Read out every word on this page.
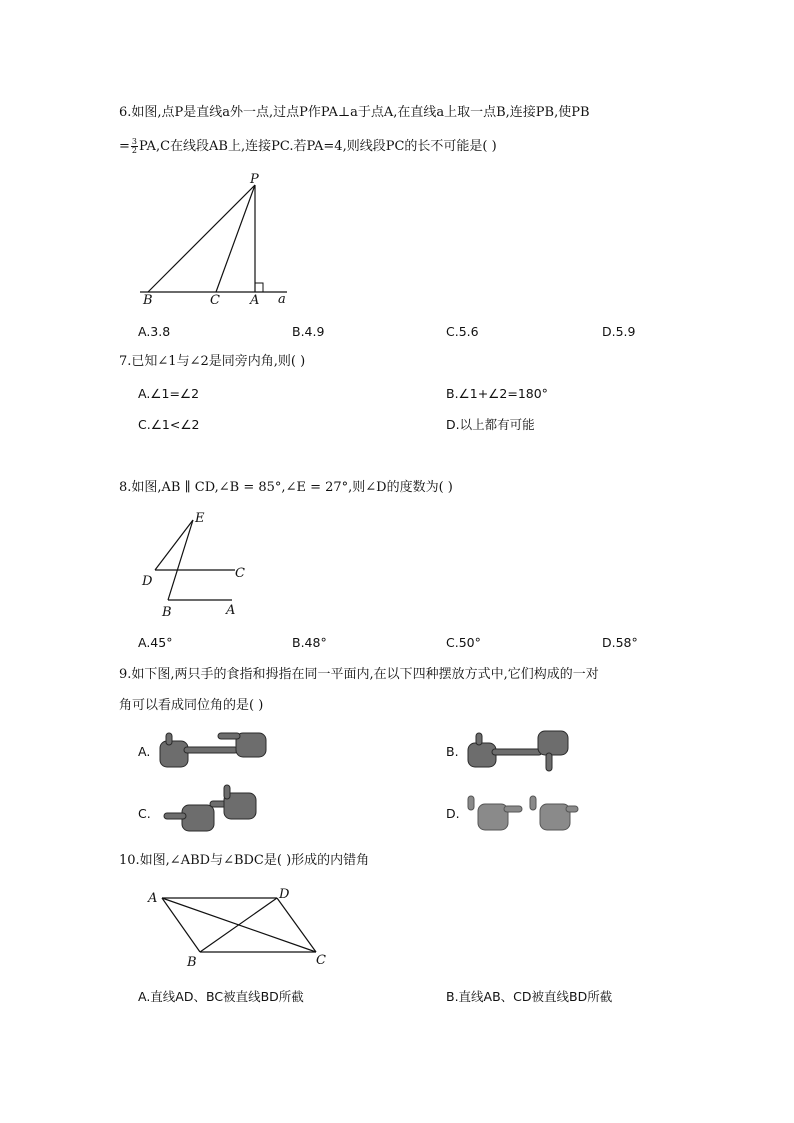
6.如图,点P是直线a外一点,过点P作PA⊥a于点A,在直线a上取一点B,连接PB,使PB
= $\frac{3}{2} PA,C$在线段AB上,连接PC.若PA=4,则线段PC的长不可能是( )
P
B	C A a
A.3.8	B.4.9	C.5.6	D.5.9
7.已知∠1与∠2是同旁内角,则( )
A.∠1=∠2	B.∠1+∠2=180°
C.∠1<∠2	D.以上都有可能
8.如图,AB ∥ CD,∠B = 85°,∠E = 27°,则∠D的度数为( )
E
D
C
B	A
A.45°	B.48°	C.50°	D.58°
9.如下图,两只手的食指和拇指在同一平面内,在以下四种摆放方式中,它们构成的一对
角可以看成同位角的是( )
A.	B.
C.	D.
10.如图,∠ABD与∠BDC是( )形成的内错角
A	D
B	C
A.直线AD、BC被直线BD所截	B.直线AB、CD被直线BD所截
